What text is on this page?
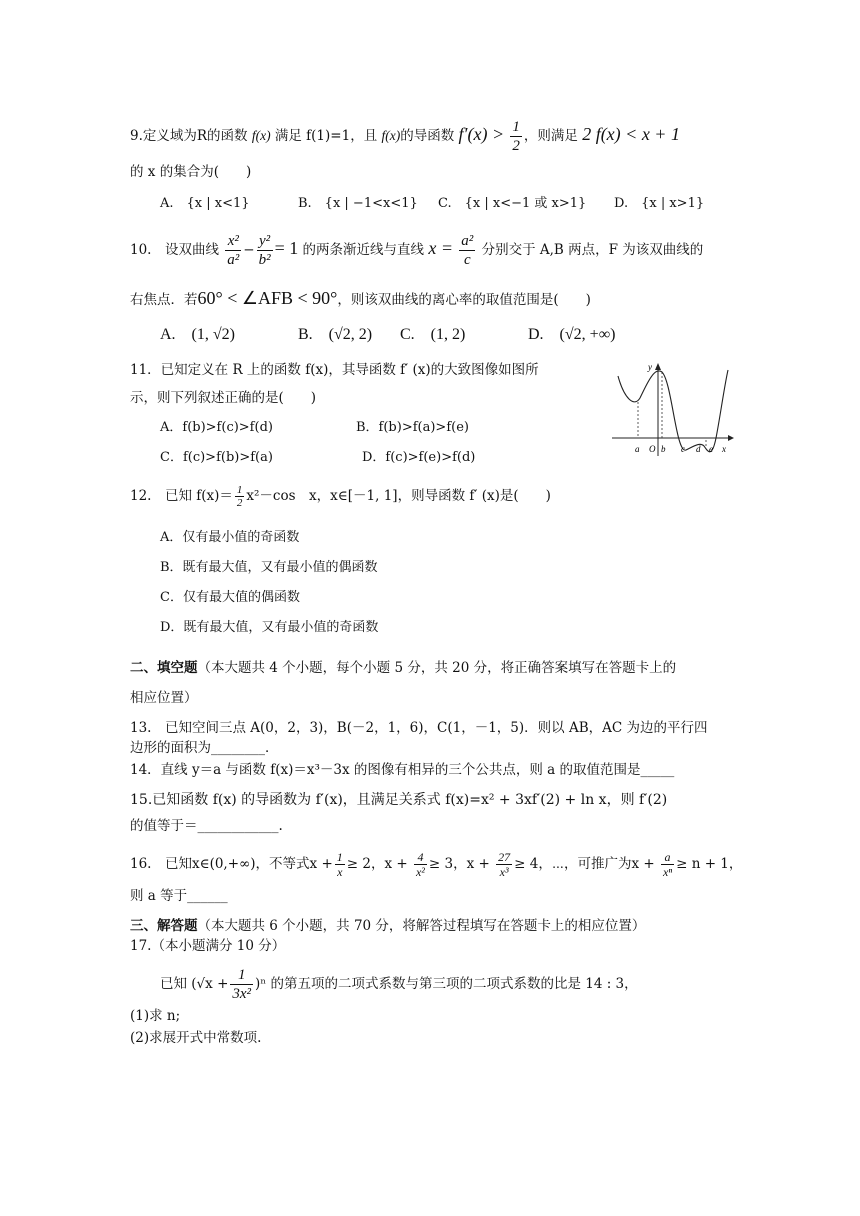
9.定义域为R的函数 f(x) 满足 f(1)=1，且 f(x)的导函数 $f'(x) > \frac{1}{2}$ ，则满足 2 f(x) < x + 1
的 x 的集合为(　　)
A.　{x | x<1}	B.　{x | −1<x<1} C.　{x | x<−1 或 x>1} D.　{x | x>1}
10.　设双曲线 $\frac{\text{x²}}{\text{a²}} - \frac{\text{y²}}{\text{b²}} = 1$ 的两条渐近线与直线 $x = \frac{\text{a²}}{c}$ 分别交于 A,B 两点，F 为该双曲线的
右焦点．若60° < ∠AFB < 90°，则该双曲线的离心率的取值范围是(　　)
A.　(1, √2)	B.　(√2, 2) C.　(1, 2)	D.　(√2, +∞)
11．已知定义在 R 上的函数 f(x)，其导函数 f′ (x)的大致图像如图所
示，则下列叙述正确的是(　　)
A．f(b)>f(c)>f(d)	B．f(b)>f(a)>f(e)
C．f(c)>f(b)>f(a)	D．f(c)>f(e)>f(d)
y
x
a O b c d e
12.　已知 $f(x)= \frac{1}{2} x^2-\cos$　x，x∈[－1, 1]，则导函数 f′ (x)是(　　)
A．仅有最小值的奇函数
B．既有最大值，又有最小值的偶函数
C．仅有最大值的偶函数
D．既有最大值，又有最小值的奇函数
二、填空题（本大题共 4 个小题，每个小题 5 分，共 20 分，将正确答案填写在答题卡上的
相应位置）
13.　已知空间三点 A(0，2，3)，B(－2，1，6)，C(1，－1，5)．则以 AB，AC 为边的平行四
边形的面积为________．
14．直线 y＝a 与函数 f(x)＝x³－3x 的图像有相异的三个公共点，则 a 的取值范围是_____
15.已知函数 f(x) 的导函数为 f′(x)，且满足关系式 f(x)=x² + 3xf′(2) + ln x，则 f′(2)
的值等于＝____________.
16.　已知x∈(0,+∞)，不等式$x + \frac{1}{x} \ge 2$，$x + \frac{4}{\text{x²}} \ge 3$，$x + \frac{27}{\text{x³}} \ge 4$，⋯，可推广为$x + \frac{a}{\text{xⁿ}} \ge n + 1$，
则 a 等于______
三、解答题（本大题共 6 个小题，共 70 分，将解答过程填写在答题卡上的相应位置）
17.（本小题满分 10 分）
已知 $(√x + \frac{1}{\text{3x²}} )^n$ 的第五项的二项式系数与第三项的二项式系数的比是 14 : 3，
(1)求 n;
(2)求展开式中常数项.
